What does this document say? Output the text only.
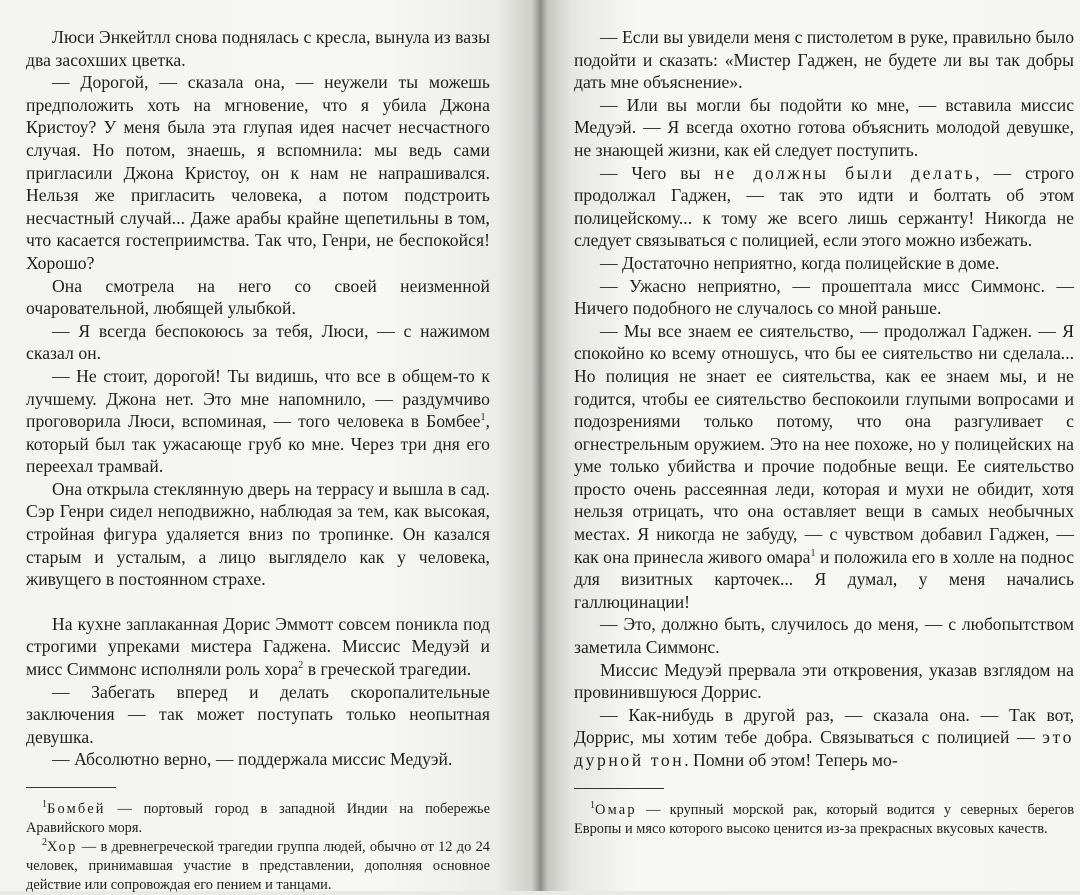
Люси Энкейтлл снова поднялась с кресла, вынула из вазы два засохших цветка.

— Дорогой, — сказала она, — неужели ты можешь предположить хоть на мгновение, что я убила Джона Кристоу? У меня была эта глупая идея насчет несчастного случая. Но потом, знаешь, я вспомнила: мы ведь сами пригласили Джона Кристоу, он к нам не напрашивался. Нельзя же пригласить человека, а потом подстроить несчастный случай... Даже арабы крайне щепетильны в том, что касается гостеприимства. Так что, Генри, не беспокойся! Хорошо?

Она смотрела на него со своей неизменной очаровательной, любящей улыбкой.

— Я всегда беспокоюсь за тебя, Люси, — с нажимом сказал он.

— Не стоит, дорогой! Ты видишь, что все в общем-то к лучшему. Джона нет. Это мне напомнило, — раздумчиво проговорила Люси, вспоминая, — того человека в Бомбее$^1$, который был так ужасающе груб ко мне. Через три дня его переехал трамвай.

Она открыла стеклянную дверь на террасу и вышла в сад. Сэр Генри сидел неподвижно, наблюдая за тем, как высокая, стройная фигура удаляется вниз по тропинке. Он казался старым и усталым, а лицо выглядело как у человека, живущего в постоянном страхе.

На кухне заплаканная Дорис Эммотт совсем поникла под строгими упреками мистера Гаджена. Миссис Медуэй и мисс Симмонс исполняли роль хора$^2$ в греческой трагедии.

— Забегать вперед и делать скоропалительные заключения — так может поступать только неопытная девушка.

— Абсолютно верно, — поддержала миссис Медуэй.

$^1$Бомбей — портовый город в западной Индии на побережье Аравийского моря.

$^2$Хор — в древнегреческой трагедии группа людей, обычно от 12 до 24 человек, принимавшая участие в представлении, дополняя основное действие или сопровождая его пением и танцами.

— Если вы увидели меня с пистолетом в руке, правильно было подойти и сказать: «Мистер Гаджен, не будете ли вы так добры дать мне объяснение».

— Или вы могли бы подойти ко мне, — вставила миссис Медуэй. — Я всегда охотно готова объяснить молодой девушке, не знающей жизни, как ей следует поступить.

— Чего вы не должны были делать, — строго продолжал Гаджен, — так это идти и болтать об этом полицейскому... к тому же всего лишь сержанту! Никогда не следует связываться с полицией, если этого можно избежать.

— Достаточно неприятно, когда полицейские в доме.

— Ужасно неприятно, — прошептала мисс Симмонс. — Ничего подобного не случалось со мной раньше.

— Мы все знаем ее сиятельство, — продолжал Гаджен. — Я спокойно ко всему отношусь, что бы ее сиятельство ни сделала... Но полиция не знает ее сиятельства, как ее знаем мы, и не годится, чтобы ее сиятельство беспокоили глупыми вопросами и подозрениями только потому, что она разгуливает с огнестрельным оружием. Это на нее похоже, но у полицейских на уме только убийства и прочие подобные вещи. Ее сиятельство просто очень рассеянная леди, которая и мухи не обидит, хотя нельзя отрицать, что она оставляет вещи в самых необычных местах. Я никогда не забуду, — с чувством добавил Гаджен, — как она принесла живого омара$^1$ и положила его в холле на поднос для визитных карточек... Я думал, у меня начались галлюцинации!

— Это, должно быть, случилось до меня, — с любопытством заметила Симмонс.

Миссис Медуэй прервала эти откровения, указав взглядом на провинившуюся Доррис.

— Как-нибудь в другой раз, — сказала она. — Так вот, Доррис, мы хотим тебе добра. Связываться с полицией — это дурной тон. Помни об этом! Теперь мо-

$^1$Омар — крупный морской рак, который водится у северных берегов Европы и мясо которого высоко ценится из-за прекрасных вкусовых качеств.
